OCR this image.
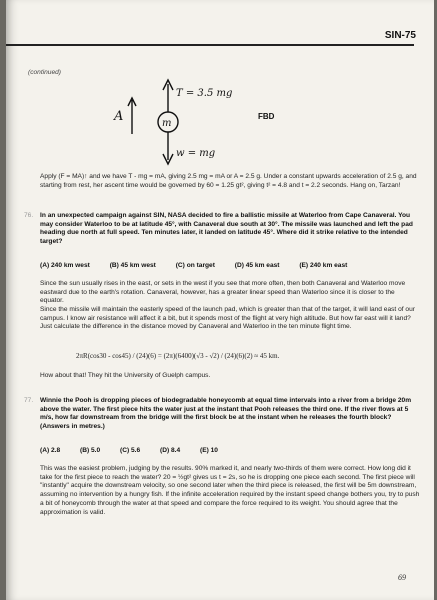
SIN-75
(continued)
A
T = 3.5 mg
m
w = mg
FBD
Apply (F = MA)↑ and we have T - mg = mA, giving 2.5 mg = mA or A = 2.5 g. Under a constant upwards acceleration of 2.5 g, and starting from rest, her ascent time would be governed by 60 = 1.25 gt², giving t² = 4.8 and t = 2.2 seconds. Hang on, Tarzan!
76. In an unexpected campaign against SIN, NASA decided to fire a ballistic missile at Waterloo from Cape Canaveral. You may consider Waterloo to be at latitude 45°, with Canaveral due south at 30°. The missile was launched and left the pad heading due north at full speed. Ten minutes later, it landed on latitude 45°. Where did it strike relative to the intended target?
(A) 240 km west	(B) 45 km west	(C) on target	(D) 45 km east	(E) 240 km east
Since the sun usually rises in the east, or sets in the west if you see that more often, then both Canaveral and Waterloo move eastward due to the earth's rotation. Canaveral, however, has a greater linear speed than Waterloo since it is closer to the equator.
Since the missile will maintain the easterly speed of the launch pad, which is greater than that of the target, it will land east of our campus. I know air resistance will affect it a bit, but it spends most of the flight at very high altitude. But how far east will it land? Just calculate the difference in the distance moved by Canaveral and Waterloo in the ten minute flight time.
2πR(cos30 - cos45) / (24)(6) = (2π)(6400)(√3 - √2) / (24)(6)(2) ≈ 45 km.
How about that! They hit the University of Guelph campus.
77. Winnie the Pooh is dropping pieces of biodegradable honeycomb at equal time intervals into a river from a bridge 20m above the water. The first piece hits the water just at the instant that Pooh releases the third one. If the river flows at 5 m/s, how far downstream from the bridge will the first block be at the instant when he releases the fourth block? (Answers in metres.)
(A) 2.8	(B) 5.0	(C) 5.6	(D) 8.4	(E) 10
This was the easiest problem, judging by the results. 90% marked it, and nearly two-thirds of them were correct. How long did it take for the first piece to reach the water? 20 = ½gt² gives us t = 2s, so he is dropping one piece each second. The first piece will "instantly" acquire the downstream velocity, so one second later when the third piece is released, the first will be 5m downstream, assuming no intervention by a hungry fish. If the infinite acceleration required by the instant speed change bothers you, try to push a bit of honeycomb through the water at that speed and compare the force required to its weight. You should agree that the approximation is valid.
69
